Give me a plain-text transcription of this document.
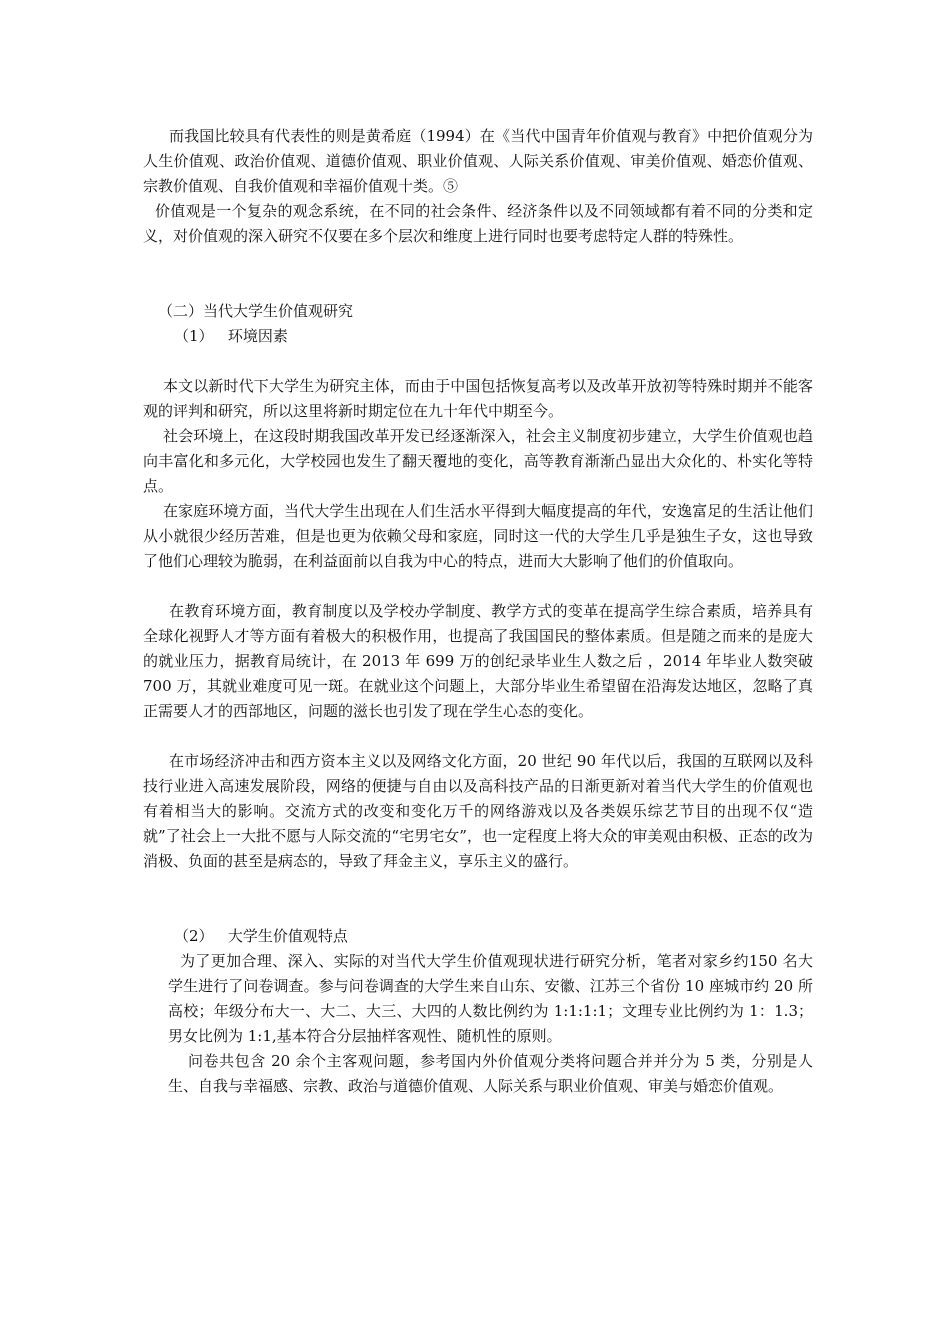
而我国比较具有代表性的则是黄希庭（1994）在《当代中国青年价值观与教育》中把价值观分为人生价值观、政治价值观、道德价值观、职业价值观、人际关系价值观、审美价值观、婚恋价值观、宗教价值观、自我价值观和幸福价值观十类。⑤

价值观是一个复杂的观念系统，在不同的社会条件、经济条件以及不同领域都有着不同的分类和定义，对价值观的深入研究不仅要在多个层次和维度上进行同时也要考虑特定人群的特殊性。

（二）当代大学生价值观研究

（1）   环境因素

本文以新时代下大学生为研究主体，而由于中国包括恢复高考以及改革开放初等特殊时期并不能客观的评判和研究，所以这里将新时期定位在九十年代中期至今。

社会环境上，在这段时期我国改革开发已经逐渐深入，社会主义制度初步建立，大学生价值观也趋向丰富化和多元化，大学校园也发生了翻天覆地的变化，高等教育渐渐凸显出大众化的、朴实化等特点。

在家庭环境方面，当代大学生出现在人们生活水平得到大幅度提高的年代，安逸富足的生活让他们从小就很少经历苦难，但是也更为依赖父母和家庭，同时这一代的大学生几乎是独生子女，这也导致了他们心理较为脆弱，在利益面前以自我为中心的特点，进而大大影响了他们的价值取向。

在教育环境方面，教育制度以及学校办学制度、教学方式的变革在提高学生综合素质，培养具有全球化视野人才等方面有着极大的积极作用，也提高了我国国民的整体素质。但是随之而来的是庞大的就业压力，据教育局统计，在 2013 年 699 万的创纪录毕业生人数之后 ，2014 年毕业人数突破 700 万，其就业难度可见一斑。在就业这个问题上，大部分毕业生希望留在沿海发达地区，忽略了真正需要人才的西部地区，问题的滋长也引发了现在学生心态的变化。

在市场经济冲击和西方资本主义以及网络文化方面，20 世纪 90 年代以后，我国的互联网以及科技行业进入高速发展阶段，网络的便捷与自由以及高科技产品的日渐更新对着当代大学生的价值观也有着相当大的影响。交流方式的改变和变化万千的网络游戏以及各类娱乐综艺节目的出现不仅“造就”了社会上一大批不愿与人际交流的“宅男宅女”，也一定程度上将大众的审美观由积极、正态的改为消极、负面的甚至是病态的，导致了拜金主义，享乐主义的盛行。

（2）   大学生价值观特点

为了更加合理、深入、实际的对当代大学生价值观现状进行研究分析，笔者对家乡约150 名大学生进行了问卷调查。参与问卷调查的大学生来自山东、安徽、江苏三个省份 10 座城市约 20 所高校；年级分布大一、大二、大三、大四的人数比例约为 1:1:1:1；文理专业比例约为 1：1.3；男女比例为 1:1,基本符合分层抽样客观性、随机性的原则。

问卷共包含 20 余个主客观问题，参考国内外价值观分类将问题合并并分为 5 类，分别是人生、自我与幸福感、宗教、政治与道德价值观、人际关系与职业价值观、审美与婚恋价值观。
